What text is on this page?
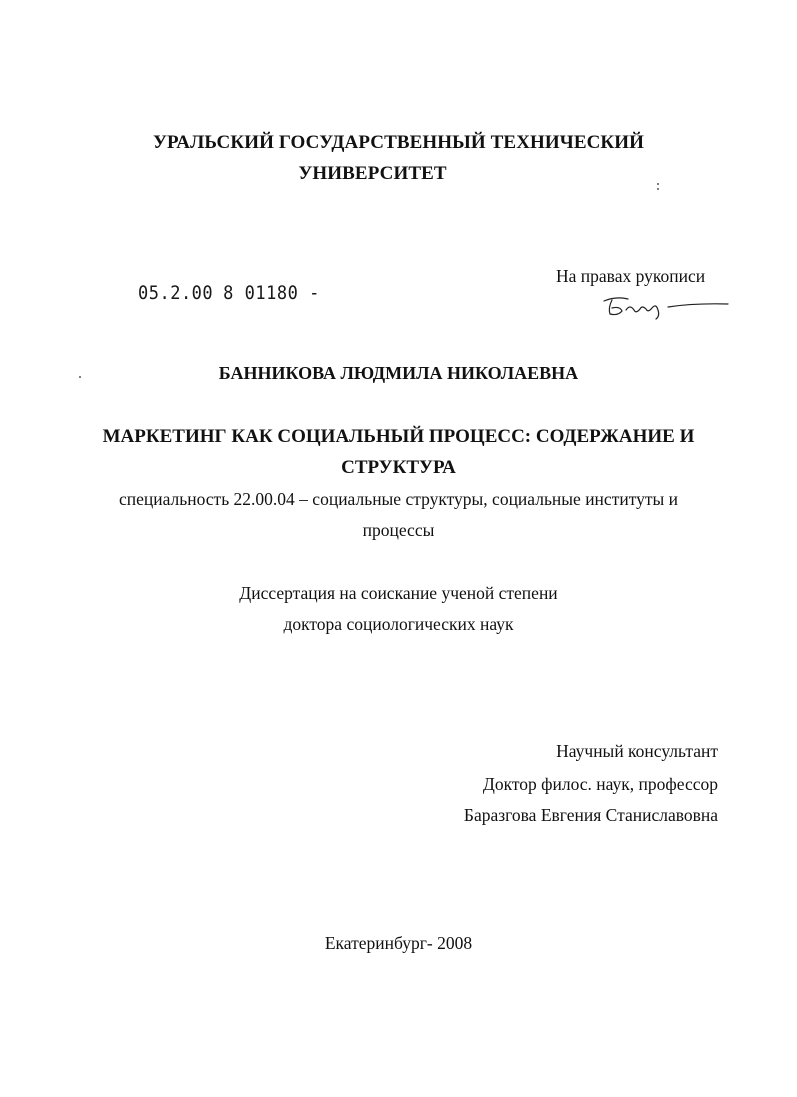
УРАЛЬСКИЙ ГОСУДАРСТВЕННЫЙ ТЕХНИЧЕСКИЙ
УНИВЕРСИТЕТ
05.2.00 8 01180 -
На правах рукописи
БАННИКОВА ЛЮДМИЛА НИКОЛАЕВНА
МАРКЕТИНГ КАК СОЦИАЛЬНЫЙ ПРОЦЕСС: СОДЕРЖАНИЕ И
СТРУКТУРА
специальность 22.00.04 – социальные структуры, социальные институты и
процессы
Диссертация на соискание ученой степени
доктора социологических наук
Научный консультант
Доктор филос. наук, профессор
Баразгова Евгения Станиславовна
Екатеринбург- 2008
